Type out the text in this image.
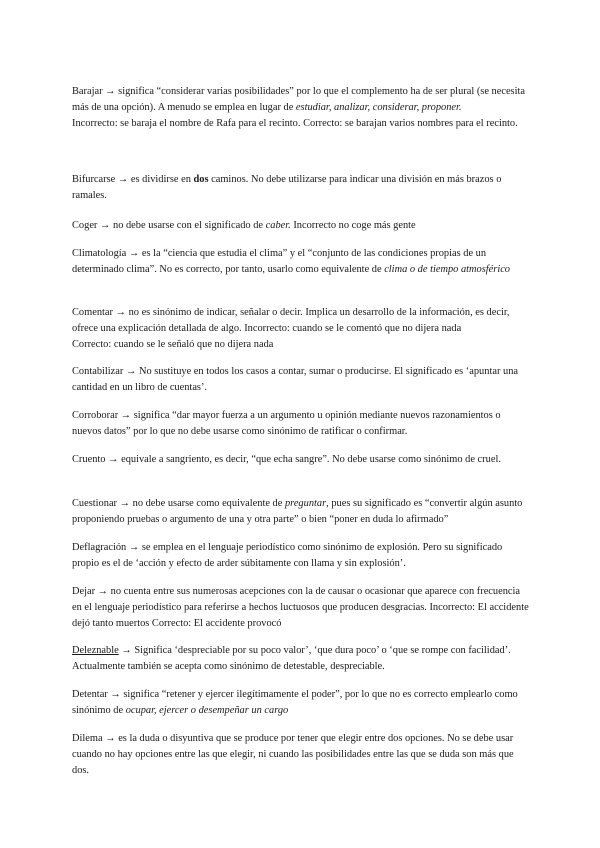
Barajar → significa “considerar varias posibilidades” por lo que el complemento ha de ser plural (se necesita más de una opción). A menudo se emplea en lugar de estudiar, analizar, considerar, proponer.

Incorrecto: se baraja el nombre de Rafa para el recinto. Correcto: se barajan varios nombres para el recinto.

Bifurcarse → es dividirse en dos caminos. No debe utilizarse para indicar una división en más brazos o ramales.

Coger → no debe usarse con el significado de caber. Incorrecto no coge más gente

Climatología → es la “ciencia que estudia el clima” y el “conjunto de las condiciones propias de un determinado clima”. No es correcto, por tanto, usarlo como equivalente de clima o de tiempo atmosférico

Comentar → no es sinónimo de indicar, señalar o decir. Implica un desarrollo de la información, es decir, ofrece una explicación detallada de algo. Incorrecto: cuando se le comentó que no dijera nada

Correcto: cuando se le señaló que no dijera nada

Contabilizar → No sustituye en todos los casos a contar, sumar o producirse. El significado es ‘apuntar una cantidad en un libro de cuentas’.

Corroborar → significa “dar mayor fuerza a un argumento u opinión mediante nuevos razonamientos o nuevos datos” por lo que no debe usarse como sinónimo de ratificar o confirmar.

Cruento → equivale a sangriento, es decir, “que echa sangre”. No debe usarse como sinónimo de cruel.

Cuestionar → no debe usarse como equivalente de preguntar, pues su significado es “convertir algún asunto proponiendo pruebas o argumento de una y otra parte” o bien “poner en duda lo afirmado”

Deflagración → se emplea en el lenguaje periodístico como sinónimo de explosión. Pero su significado propio es el de ‘acción y efecto de arder súbitamente con llama y sin explosión’.

Dejar → no cuenta entre sus numerosas acepciones con la de causar o ocasionar que aparece con frecuencia en el lenguaje periodístico para referirse a hechos luctuosos que producen desgracias. Incorrecto: El accidente dejó tanto muertos Correcto: El accidente provocó

Deleznable → Significa ‘despreciable por su poco valor’, ‘que dura poco’ o ‘que se rompe con facilidad’. Actualmente también se acepta como sinónimo de detestable, despreciable.

Detentar → significa “retener y ejercer ilegítimamente el poder”, por lo que no es correcto emplearlo como sinónimo de ocupar, ejercer o desempeñar un cargo

Dilema → es la duda o disyuntiva que se produce por tener que elegir entre dos opciones. No se debe usar cuando no hay opciones entre las que elegir, ni cuando las posibilidades entre las que se duda son más que dos.
